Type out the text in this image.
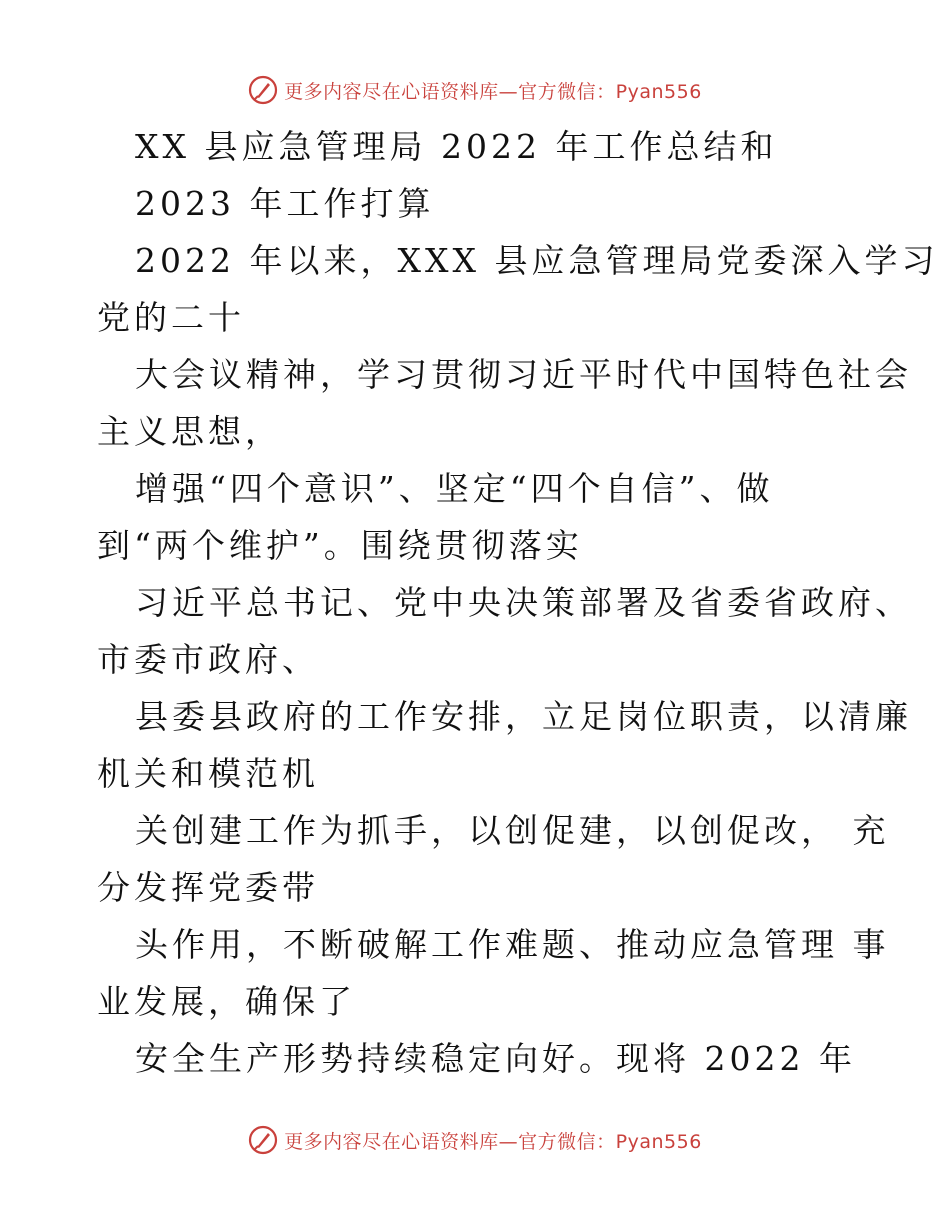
更多内容尽在心语资料库—官方微信：Pyan556
XX 县应急管理局 2022 年工作总结和
2023 年工作打算
2022 年以来，XXX 县应急管理局党委深入学习
党的二十
大会议精神，学习贯彻习近平时代中国特色社会
主义思想，
增强“四个意识”、坚定“四个自信”、做
到“两个维护”。围绕贯彻落实
习近平总书记、党中央决策部署及省委省政府、
市委市政府、
县委县政府的工作安排，立足岗位职责，以清廉
机关和模范机
关创建工作为抓手，以创促建，以创促改， 充
分发挥党委带
头作用，不断破解工作难题、推动应急管理 事
业发展，确保了
安全生产形势持续稳定向好。现将 2022 年
更多内容尽在心语资料库—官方微信：Pyan556
